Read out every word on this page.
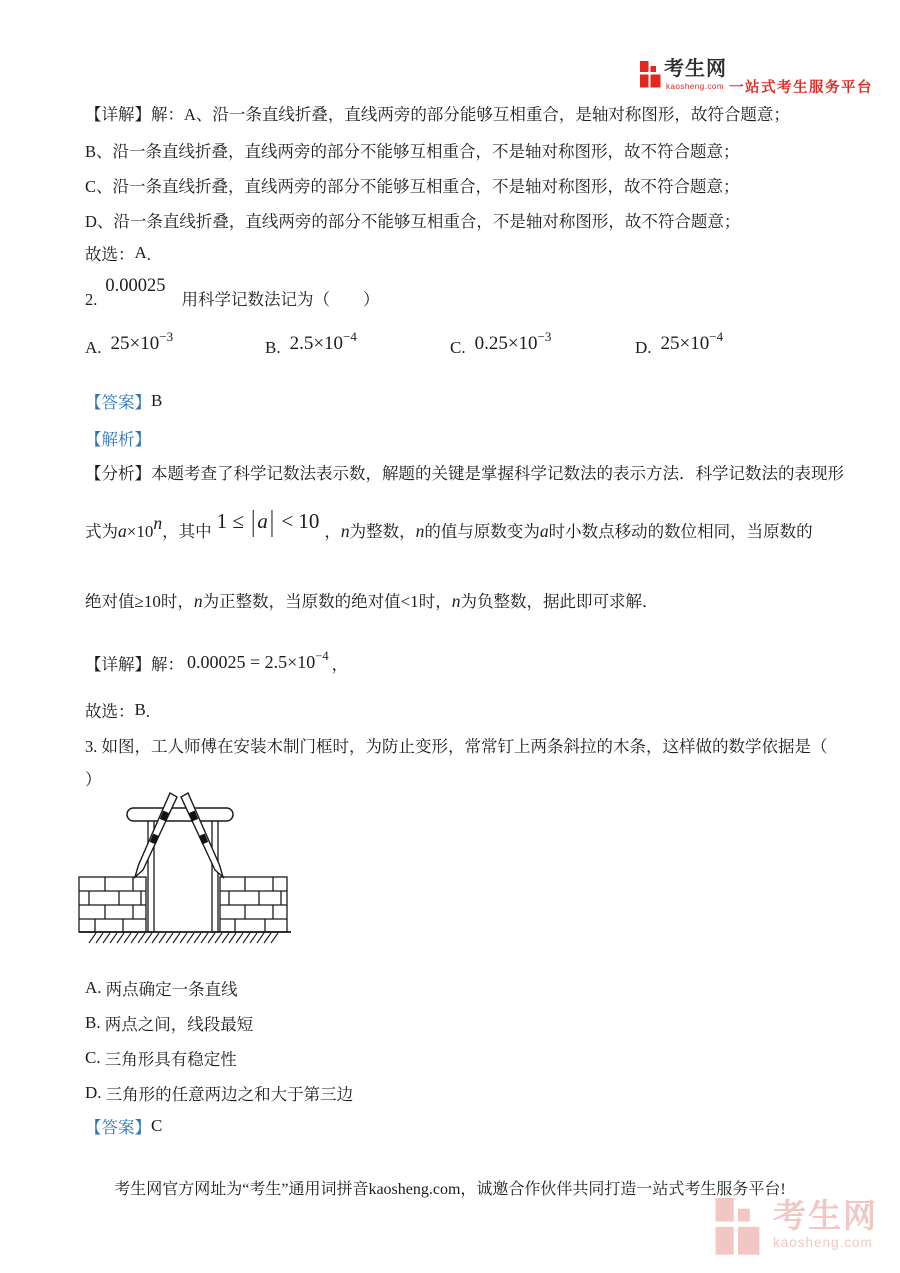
考生网
kaosheng.com 一站式考生服务平台
【详解】解：A、沿一条直线折叠，直线两旁的部分能够互相重合，是轴对称图形，故符合题意；
B、沿一条直线折叠，直线两旁的部分不能够互相重合，不是轴对称图形，故不符合题意；
C、沿一条直线折叠，直线两旁的部分不能够互相重合，不是轴对称图形，故不符合题意；
D、沿一条直线折叠，直线两旁的部分不能够互相重合，不是轴对称图形，故不符合题意；
故选：A.
2.0.00025用科学记数法记为（　　）
A. $25\times 10^{-3}$
B. $2.5\times 10^{-4}$
C. $0.25\times 10^{-3}$
D. $25\times 10^{-4}$
【答案】B
【解析】
【分析】本题考查了科学记数法表示数，解题的关键是掌握科学记数法的表示方法．科学记数法的表现形
式为a×10n，其中 1 ≤ |a| < 10 ，n为整数，n的值与原数变为a时小数点移动的数位相同，当原数的
绝对值≥10时，n为正整数，当原数的绝对值<1时，n为负整数，据此即可求解．
【详解】解： $0.00025 = 2.5\times 10^{-4}$ ，
故选：B.
3. 如图，工人师傅在安装木制门框时，为防止变形，常常钉上两条斜拉的木条，这样做的数学依据是（
）
A. 两点确定一条直线
B. 两点之间，线段最短
C. 三角形具有稳定性
D. 三角形的任意两边之和大于第三边
【答案】C
考生网官方网址为“考生”通用词拼音kaosheng.com，诚邀合作伙伴共同打造一站式考生服务平台!
考生网
kaosheng.com
